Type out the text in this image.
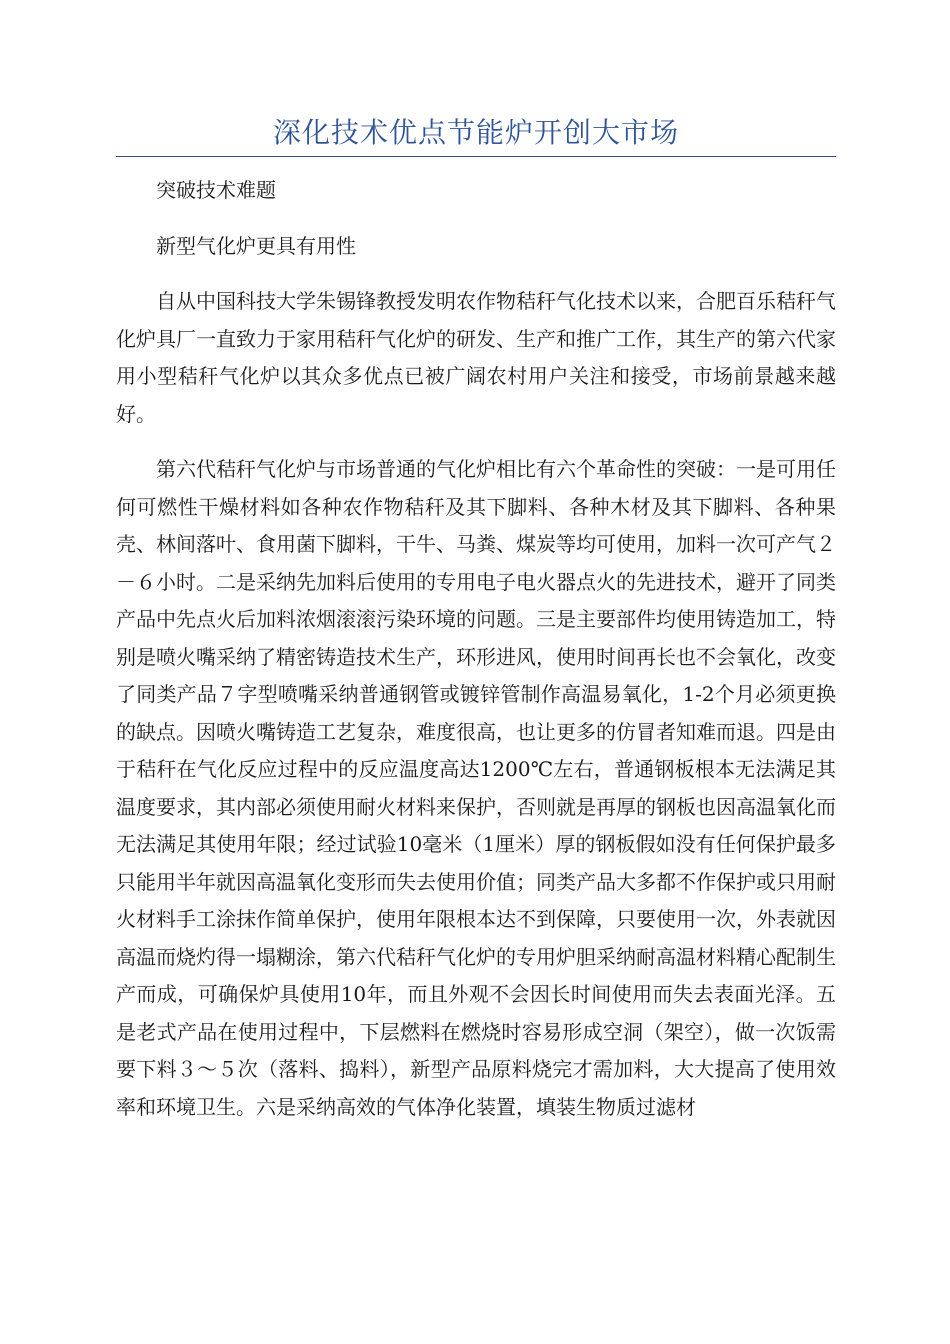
深化技术优点节能炉开创大市场

突破技术难题

新型气化炉更具有用性

自从中国科技大学朱锡锋教授发明农作物秸秆气化技术以来，合肥百乐秸秆气化炉具厂一直致力于家用秸秆气化炉的研发、生产和推广工作，其生产的第六代家用小型秸秆气化炉以其众多优点已被广阔农村用户关注和接受，市场前景越来越好。

第六代秸秆气化炉与市场普通的气化炉相比有六个革命性的突破：一是可用任何可燃性干燥材料如各种农作物秸秆及其下脚料、各种木材及其下脚料、各种果壳、林间落叶、食用菌下脚料，干牛、马粪、煤炭等均可使用，加料一次可产气２－６小时。二是采纳先加料后使用的专用电子电火器点火的先进技术，避开了同类产品中先点火后加料浓烟滚滚污染环境的问题。三是主要部件均使用铸造加工，特别是喷火嘴采纳了精密铸造技术生产，环形进风，使用时间再长也不会氧化，改变了同类产品７字型喷嘴采纳普通钢管或镀锌管制作高温易氧化，1-2个月必须更换的缺点。因喷火嘴铸造工艺复杂，难度很高，也让更多的仿冒者知难而退。四是由于秸秆在气化反应过程中的反应温度高达1200℃左右，普通钢板根本无法满足其温度要求，其内部必须使用耐火材料来保护，否则就是再厚的钢板也因高温氧化而无法满足其使用年限；经过试验10毫米（1厘米）厚的钢板假如没有任何保护最多只能用半年就因高温氧化变形而失去使用价值；同类产品大多都不作保护或只用耐火材料手工涂抹作简单保护，使用年限根本达不到保障，只要使用一次，外表就因高温而烧灼得一塌糊涂，第六代秸秆气化炉的专用炉胆采纳耐高温材料精心配制生产而成，可确保炉具使用10年，而且外观不会因长时间使用而失去表面光泽。五是老式产品在使用过程中，下层燃料在燃烧时容易形成空洞（架空），做一次饭需要下料３～５次（落料、捣料），新型产品原料烧完才需加料，大大提高了使用效率和环境卫生。六是采纳高效的气体净化装置，填装生物质过滤材
